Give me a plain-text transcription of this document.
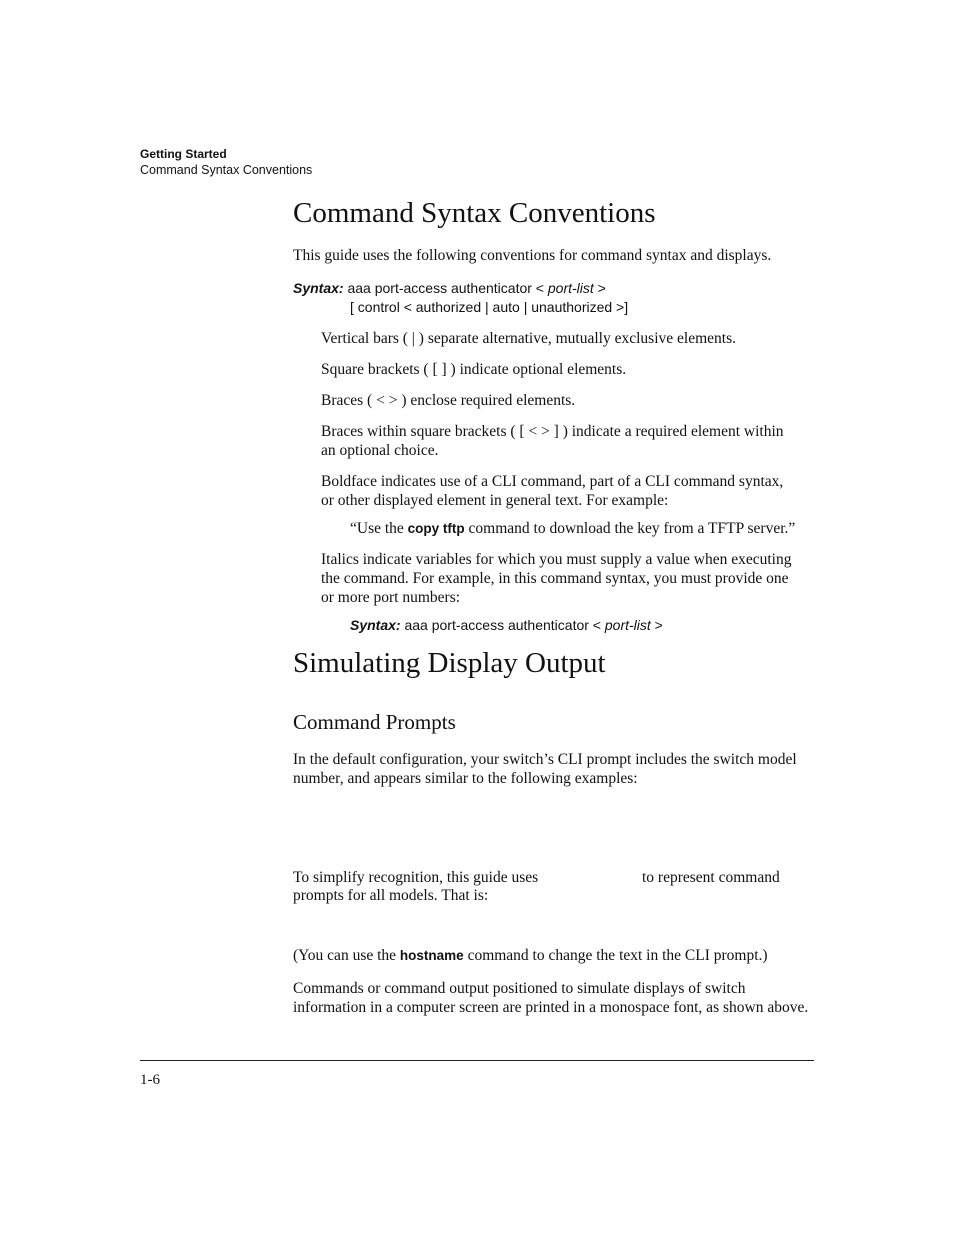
Getting Started
Command Syntax Conventions
Command Syntax Conventions
This guide uses the following conventions for command syntax and displays.
Syntax: aaa port-access authenticator < port-list >
[ control < authorized | auto | unauthorized >]
Vertical bars ( | ) separate alternative, mutually exclusive elements.
Square brackets ( [ ] ) indicate optional elements.
Braces ( < > ) enclose required elements.
Braces within square brackets ( [ < > ] ) indicate a required element within an optional choice.
Boldface indicates use of a CLI command, part of a CLI command syntax, or other displayed element in general text. For example:
“Use the copy tftp command to download the key from a TFTP server.”
Italics indicate variables for which you must supply a value when executing the command. For example, in this command syntax, you must provide one or more port numbers:
Syntax: aaa port-access authenticator < port-list >
Simulating Display Output
Command Prompts
In the default configuration, your switch’s CLI prompt includes the switch model number, and appears similar to the following examples:
To simplify recognition, this guide uses	to represent command
prompts for all models. That is:
(You can use the hostname command to change the text in the CLI prompt.)
Commands or command output positioned to simulate displays of switch information in a computer screen are printed in a monospace font, as shown above.
1-6
